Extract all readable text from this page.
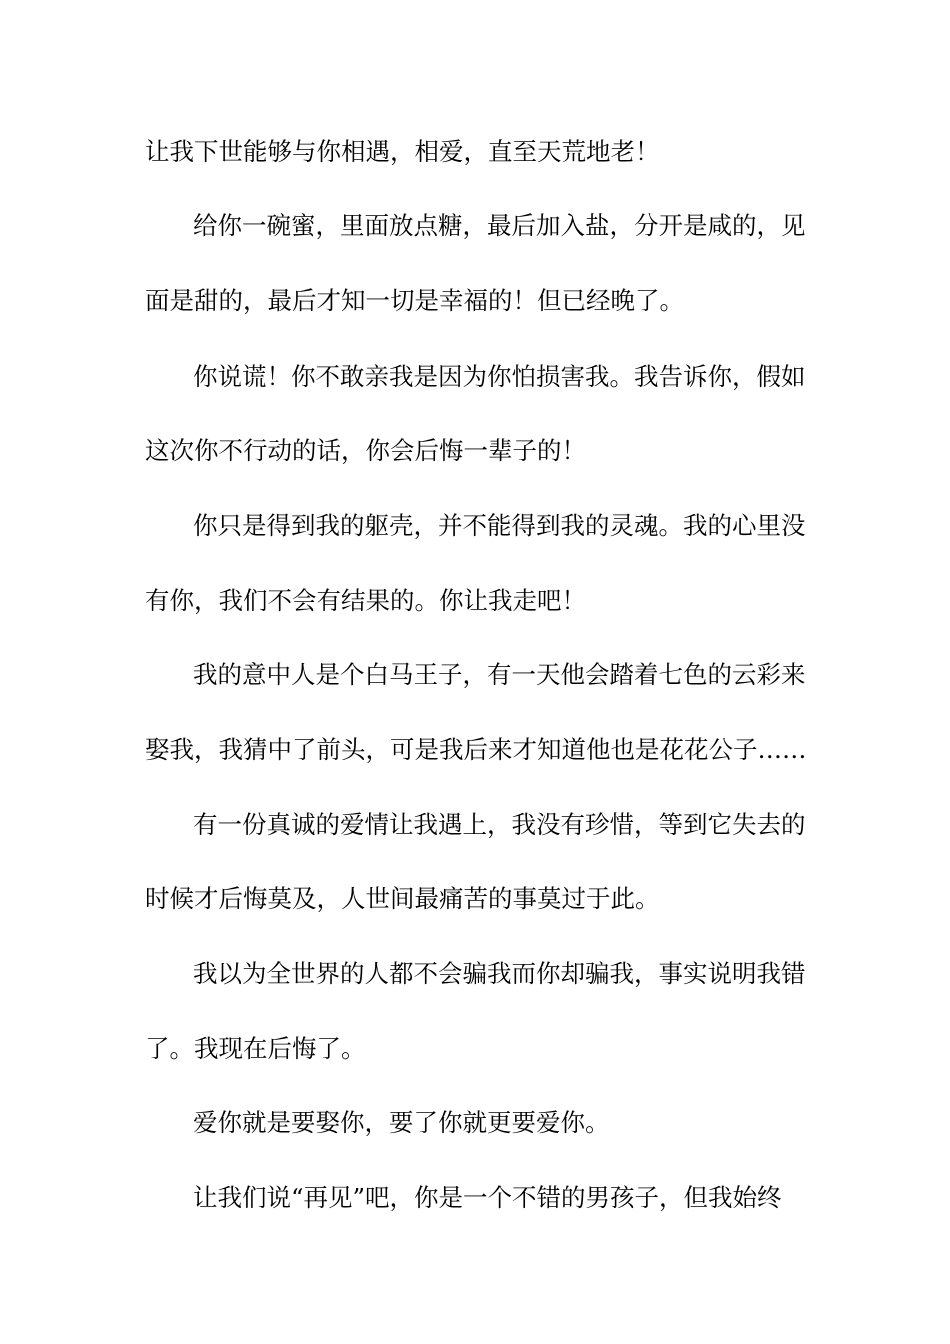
让我下世能够与你相遇，相爱，直至天荒地老！
给你一碗蜜，里面放点糖，最后加入盐，分开是咸的，见
面是甜的，最后才知一切是幸福的！但已经晚了。
你说谎！你不敢亲我是因为你怕损害我。我告诉你，假如
这次你不行动的话，你会后悔一辈子的！
你只是得到我的躯壳，并不能得到我的灵魂。我的心里没
有你，我们不会有结果的。你让我走吧！
我的意中人是个白马王子，有一天他会踏着七色的云彩来
娶我，我猜中了前头，可是我后来才知道他也是花花公子……
有一份真诚的爱情让我遇上，我没有珍惜，等到它失去的
时候才后悔莫及，人世间最痛苦的事莫过于此。
我以为全世界的人都不会骗我而你却骗我，事实说明我错
了。我现在后悔了。
爱你就是要娶你，要了你就更要爱你。
让我们说“再见”吧，你是一个不错的男孩子，但我始终
